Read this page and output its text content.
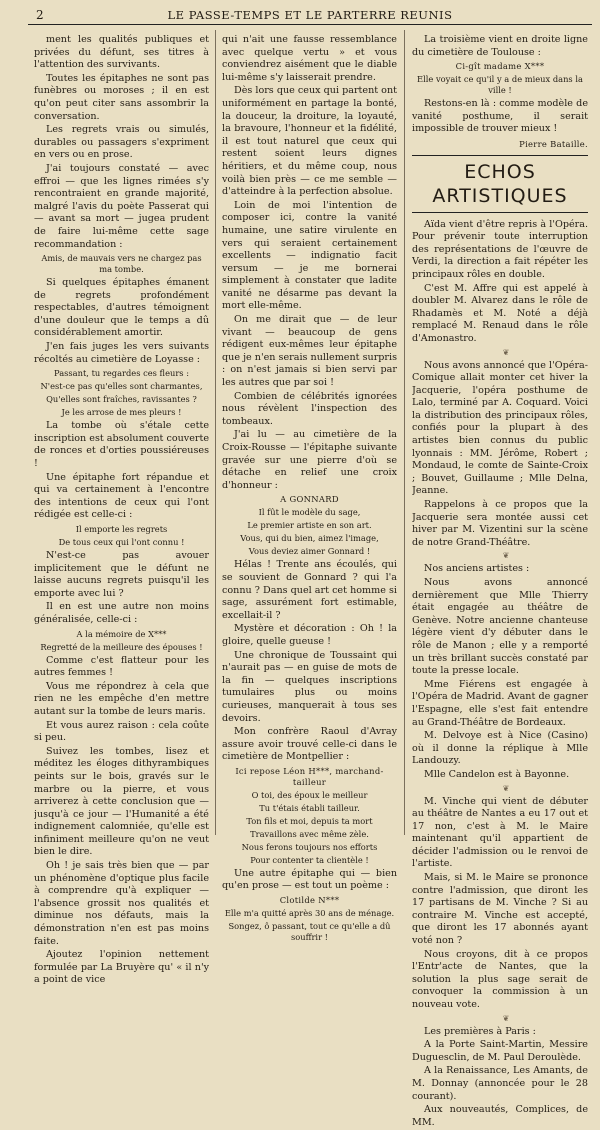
2	LE PASSE-TEMPS ET LE PARTERRE REUNIS

ment les qualités publiques et privées du défunt, ses titres à l'attention des survivants.

Toutes les épitaphes ne sont pas funèbres ou moroses ; il en est qu'on peut citer sans assombrir la conversation.

Les regrets vrais ou simulés, durables ou passagers s'expriment en vers ou en prose.

J'ai toujours constaté — avec effroi — que les lignes rimées s'y rencontraient en grande majorité, malgré l'avis du poète Passerat qui — avant sa mort — jugea prudent de faire lui-même cette sage recommandation :

Amis, de mauvais vers ne chargez pas ma tombe.

Si quelques épitaphes émanent de regrets profondément respectables, d'autres témoignent d'une douleur que le temps a dû considérablement amortir.

J'en fais juges les vers suivants récoltés au cimetière de Loyasse :

Passant, tu regardes ces fleurs :

N'est-ce pas qu'elles sont charmantes,

Qu'elles sont fraîches, ravissantes ?

Je les arrose de mes pleurs !

La tombe où s'étale cette inscription est absolument couverte de ronces et d'orties poussiéreuses !

Une épitaphe fort répandue et qui va certainement à l'encontre des intentions de ceux qui l'ont rédigée est celle-ci :

Il emporte les regrets

De tous ceux qui l'ont connu !

N'est-ce pas avouer implicitement que le défunt ne laisse aucuns regrets puisqu'il les emporte avec lui ?

Il en est une autre non moins généralisée, celle-ci :

A la mémoire de X***

Regretté de la meilleure des épouses !

Comme c'est flatteur pour les autres femmes !

Vous me répondrez à cela que rien ne les empêche d'en mettre autant sur la tombe de leurs maris.

Et vous aurez raison : cela coûte si peu.

Suivez les tombes, lisez et méditez les éloges dithyrambiques peints sur le bois, gravés sur le marbre ou la pierre, et vous arriverez à cette conclusion que — jusqu'à ce jour — l'Humanité a été indignement calomniée, qu'elle est infiniment meilleure qu'on ne veut bien le dire.

Oh ! je sais très bien que — par un phénomène d'optique plus facile à comprendre qu'à expliquer — l'absence grossit nos qualités et diminue nos défauts, mais la démonstration n'en est pas moins faite.

Ajoutez l'opinion nettement formulée par La Bruyère qu' « il n'y a point de vice

qui n'ait une fausse ressemblance avec quelque vertu » et vous conviendrez aisément que le diable lui-même s'y laisserait prendre.

Dès lors que ceux qui partent ont uniformément en partage la bonté, la douceur, la droiture, la loyauté, la bravoure, l'honneur et la fidélité, il est tout naturel que ceux qui restent soient leurs dignes héritiers, et du même coup, nous voilà bien près — ce me semble — d'atteindre à la perfection absolue.

Loin de moi l'intention de composer ici, contre la vanité humaine, une satire virulente en vers qui seraient certainement excellents — indignatio facit versum — je me bornerai simplement à constater que ladite vanité ne désarme pas devant la mort elle-même.

On me dirait que — de leur vivant — beaucoup de gens rédigent eux-mêmes leur épitaphe que je n'en serais nullement surpris : on n'est jamais si bien servi par les autres que par soi !

Combien de célébrités ignorées nous révèlent l'inspection des tombeaux.

J'ai lu — au cimetière de la Croix-Rousse — l'épitaphe suivante gravée sur une pierre d'où se détache en relief une croix d'honneur :

A GONNARD

Il fût le modèle du sage,

Le premier artiste en son art.

Vous, qui du bien, aimez l'image,

Vous deviez aimer Gonnard !

Hélas ! Trente ans écoulés, qui se souvient de Gonnard ? qui l'a connu ? Dans quel art cet homme si sage, assurément fort estimable, excellait-il ?

Mystère et décoration : Oh ! la gloire, quelle gueuse !

Une chronique de Toussaint qui n'aurait pas — en guise de mots de la fin — quelques inscriptions tumulaires plus ou moins curieuses, manquerait à tous ses devoirs.

Mon confrère Raoul d'Avray assure avoir trouvé celle-ci dans le cimetière de Montpellier :

Ici repose Léon H***, marchand-tailleur

O toi, des époux le meilleur

Tu t'étais établi tailleur.

Ton fils et moi, depuis ta mort

Travaillons avec même zèle.

Nous ferons toujours nos efforts

Pour contenter ta clientèle !

Une autre épitaphe qui — bien qu'en prose — est tout un poème :

Clotilde N***

Elle m'a quitté après 30 ans de ménage.

Songez, ô passant, tout ce qu'elle a dû souffrir !

La troisième vient en droite ligne du cimetière de Toulouse :

Ci-gît madame X***

Elle voyait ce qu'il y a de mieux dans la ville !

Restons-en là : comme modèle de vanité posthume, il serait impossible de trouver mieux !

Pierre Bataille.

ECHOS ARTISTIQUES

Aïda vient d'être repris à l'Opéra. Pour prévenir toute interruption des représentations de l'œuvre de Verdi, la direction a fait répéter les principaux rôles en double.

C'est M. Affre qui est appelé à doubler M. Alvarez dans le rôle de Rhadamès et M. Noté a déjà remplacé M. Renaud dans le rôle d'Amonastro.

❦

Nous avons annoncé que l'Opéra-Comique allait monter cet hiver la Jacquerie, l'opéra posthume de Lalo, terminé par A. Coquard. Voici la distribution des principaux rôles, confiés pour la plupart à des artistes bien connus du public lyonnais : MM. Jérôme, Robert ; Mondaud, le comte de Sainte-Croix ; Bouvet, Guillaume ; Mlle Delna, Jeanne.

Rappelons à ce propos que la Jacquerie sera montée aussi cet hiver par M. Vizentini sur la scène de notre Grand-Théâtre.

❦

Nos anciens artistes :

Nous avons annoncé dernièrement que Mlle Thierry était engagée au théâtre de Genève. Notre ancienne chanteuse légère vient d'y débuter dans le rôle de Manon ; elle y a remporté un très brillant succès constaté par toute la presse locale.

Mme Fiérens est engagée à l'Opéra de Madrid. Avant de gagner l'Espagne, elle s'est fait entendre au Grand-Théâtre de Bordeaux.

M. Delvoye est à Nice (Casino) où il donne la réplique à Mlle Landouzy.

Mlle Candelon est à Bayonne.

❦

M. Vinche qui vient de débuter au théâtre de Nantes a eu 17 out et 17 non, c'est à M. le Maire maintenant qu'il appartient de décider l'admission ou le renvoi de l'artiste.

Mais, si M. le Maire se prononce contre l'admission, que diront les 17 partisans de M. Vinche ? Si au contraire M. Vinche est accepté, que diront les 17 abonnés ayant voté non ?

Nous croyons, dit à ce propos l'Entr'acte de Nantes, que la solution la plus sage serait de convoquer la commission à un nouveau vote.

❦

Les premières à Paris :

A la Porte Saint-Martin, Messire Duguesclin, de M. Paul Deroulède.

A la Renaissance, Les Amants, de M. Donnay (annoncée pour le 28 courant).

Aux nouveautés, Complices, de MM.
